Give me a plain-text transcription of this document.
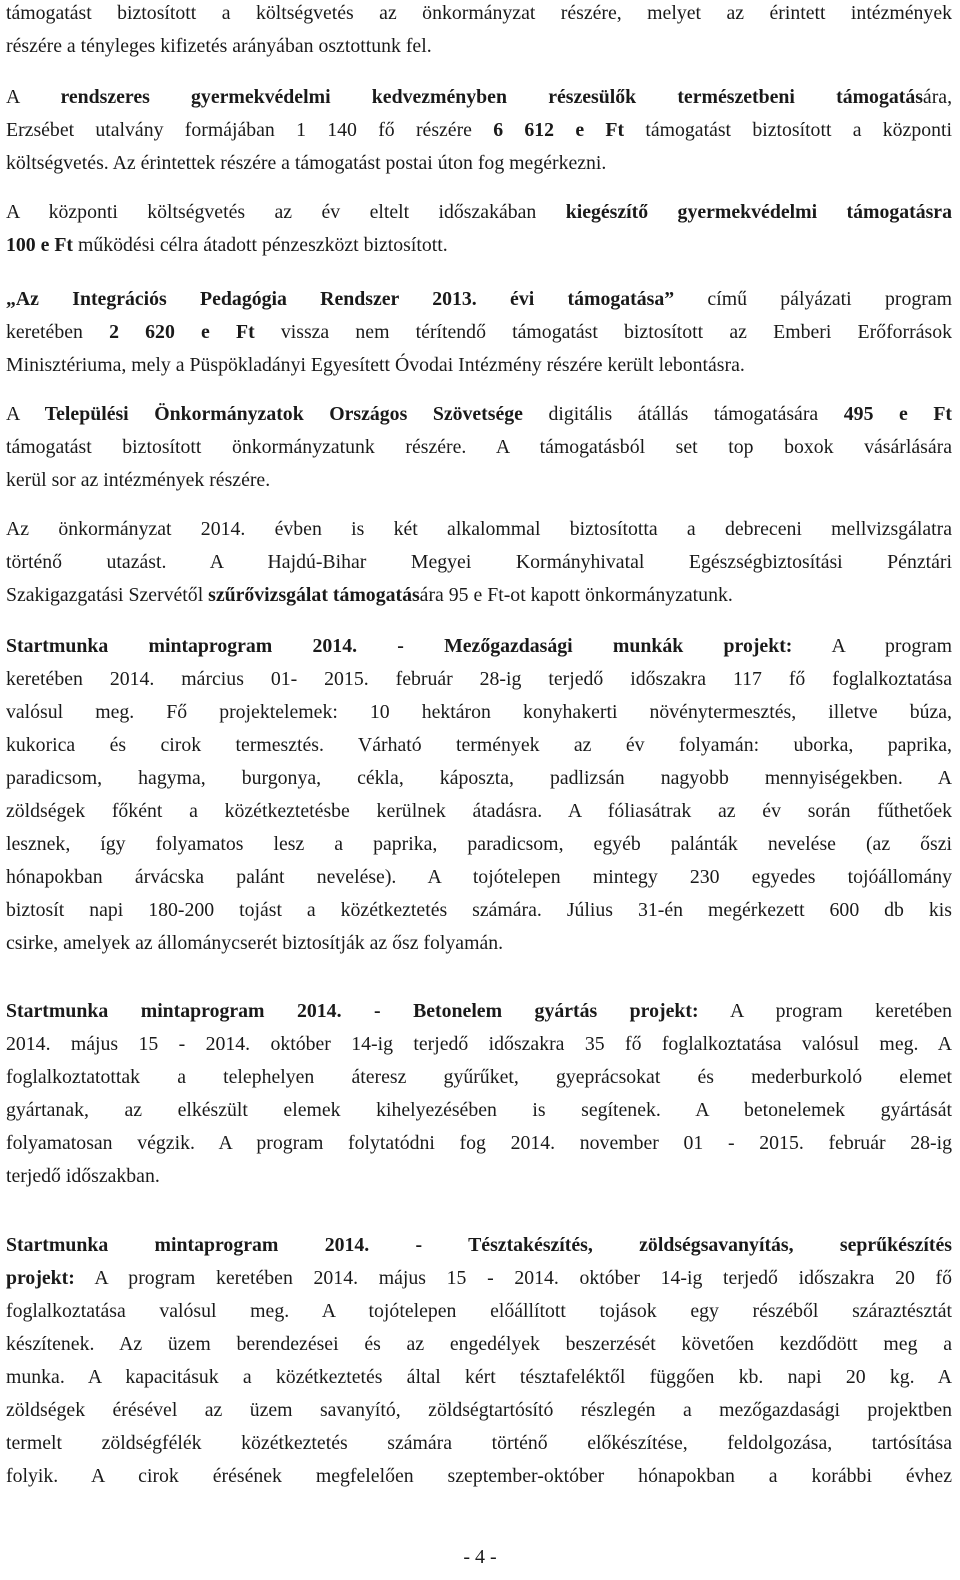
támogatást biztosított a költségvetés az önkormányzat részére, melyet az érintett intézmények
részére a tényleges kifizetés arányában osztottunk fel.
A rendszeres gyermekvédelmi kedvezményben részesülők természetbeni támogatására,
Erzsébet utalvány formájában 1 140 fő részére 6 612 e Ft támogatást biztosított a központi
költségvetés. Az érintettek részére a támogatást postai úton fog megérkezni.
A központi költségvetés az év eltelt időszakában kiegészítő gyermekvédelmi támogatásra
100 e Ft működési célra átadott pénzeszközt biztosított.
„Az Integrációs Pedagógia Rendszer 2013. évi támogatása” című pályázati program
keretében 2 620 e Ft vissza nem térítendő támogatást biztosított az Emberi Erőforrások
Minisztériuma, mely a Püspökladányi Egyesített Óvodai Intézmény részére került lebontásra.
A Települési Önkormányzatok Országos Szövetsége digitális átállás támogatására 495 e Ft
támogatást biztosított önkormányzatunk részére. A támogatásból set top boxok vásárlására
kerül sor az intézmények részére.
Az önkormányzat 2014. évben is két alkalommal biztosította a debreceni mellvizsgálatra
történő utazást. A Hajdú-Bihar Megyei Kormányhivatal Egészségbiztosítási Pénztári
Szakigazgatási Szervétől szűrővizsgálat támogatására 95 e Ft-ot kapott önkormányzatunk.
Startmunka mintaprogram 2014. - Mezőgazdasági munkák projekt: A program
keretében 2014. március 01- 2015. február 28-ig terjedő időszakra 117 fő foglalkoztatása
valósul meg. Fő projektelemek: 10 hektáron konyhakerti növénytermesztés, illetve búza,
kukorica és cirok termesztés. Várható termények az év folyamán: uborka, paprika,
paradicsom, hagyma, burgonya, cékla, káposzta, padlizsán nagyobb mennyiségekben. A
zöldségek főként a közétkeztetésbe kerülnek átadásra. A fóliasátrak az év során fűthetőek
lesznek, így folyamatos lesz a paprika, paradicsom, egyéb palánták nevelése (az őszi
hónapokban árvácska palánt nevelése). A tojótelepen mintegy 230 egyedes tojóállomány
biztosít napi 180-200 tojást a közétkeztetés számára. Július 31-én megérkezett 600 db kis
csirke, amelyek az állománycserét biztosítják az ősz folyamán.
Startmunka mintaprogram 2014. - Betonelem gyártás projekt: A program keretében
2014. május 15 - 2014. október 14-ig terjedő időszakra 35 fő foglalkoztatása valósul meg. A
foglalkoztatottak a telephelyen áteresz gyűrűket, gyeprácsokat és mederburkoló elemet
gyártanak, az elkészült elemek kihelyezésében is segítenek. A betonelemek gyártását
folyamatosan végzik. A program folytatódni fog 2014. november 01 - 2015. február 28-ig
terjedő időszakban.
Startmunka mintaprogram 2014. - Tésztakészítés, zöldségsavanyítás, seprűkészítés
projekt: A program keretében 2014. május 15 - 2014. október 14-ig terjedő időszakra 20 fő
foglalkoztatása valósul meg. A tojótelepen előállított tojások egy részéből száraztésztát
készítenek. Az üzem berendezései és az engedélyek beszerzését követően kezdődött meg a
munka. A kapacitásuk a közétkeztetés által kért tésztafeléktől függően kb. napi 20 kg. A
zöldségek érésével az üzem savanyító, zöldségtartósító részlegén a mezőgazdasági projektben
termelt zöldségfélék közétkeztetés számára történő előkészítése, feldolgozása, tartósítása
folyik. A cirok érésének megfelelően szeptember-október hónapokban a korábbi évhez
- 4 -
